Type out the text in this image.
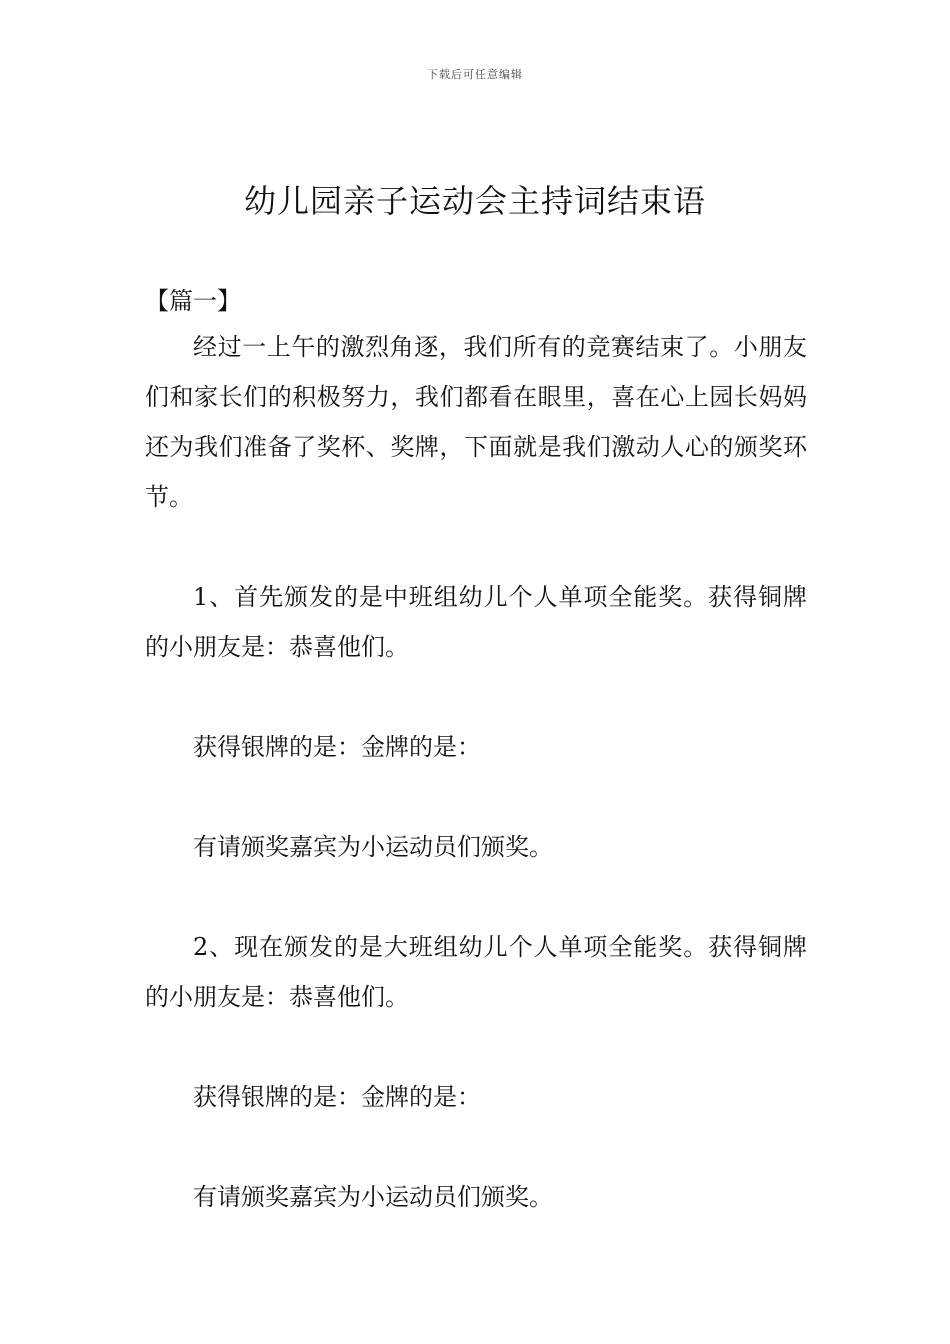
下载后可任意编辑
幼儿园亲子运动会主持词结束语

【篇一】

经过一上午的激烈角逐，我们所有的竞赛结束了。小朋友们和家长们的积极努力，我们都看在眼里，喜在心上园长妈妈还为我们准备了奖杯、奖牌，下面就是我们激动人心的颁奖环节。

1、首先颁发的是中班组幼儿个人单项全能奖。获得铜牌的小朋友是：恭喜他们。

获得银牌的是：金牌的是：

有请颁奖嘉宾为小运动员们颁奖。

2、现在颁发的是大班组幼儿个人单项全能奖。获得铜牌的小朋友是：恭喜他们。

获得银牌的是：金牌的是：

有请颁奖嘉宾为小运动员们颁奖。
